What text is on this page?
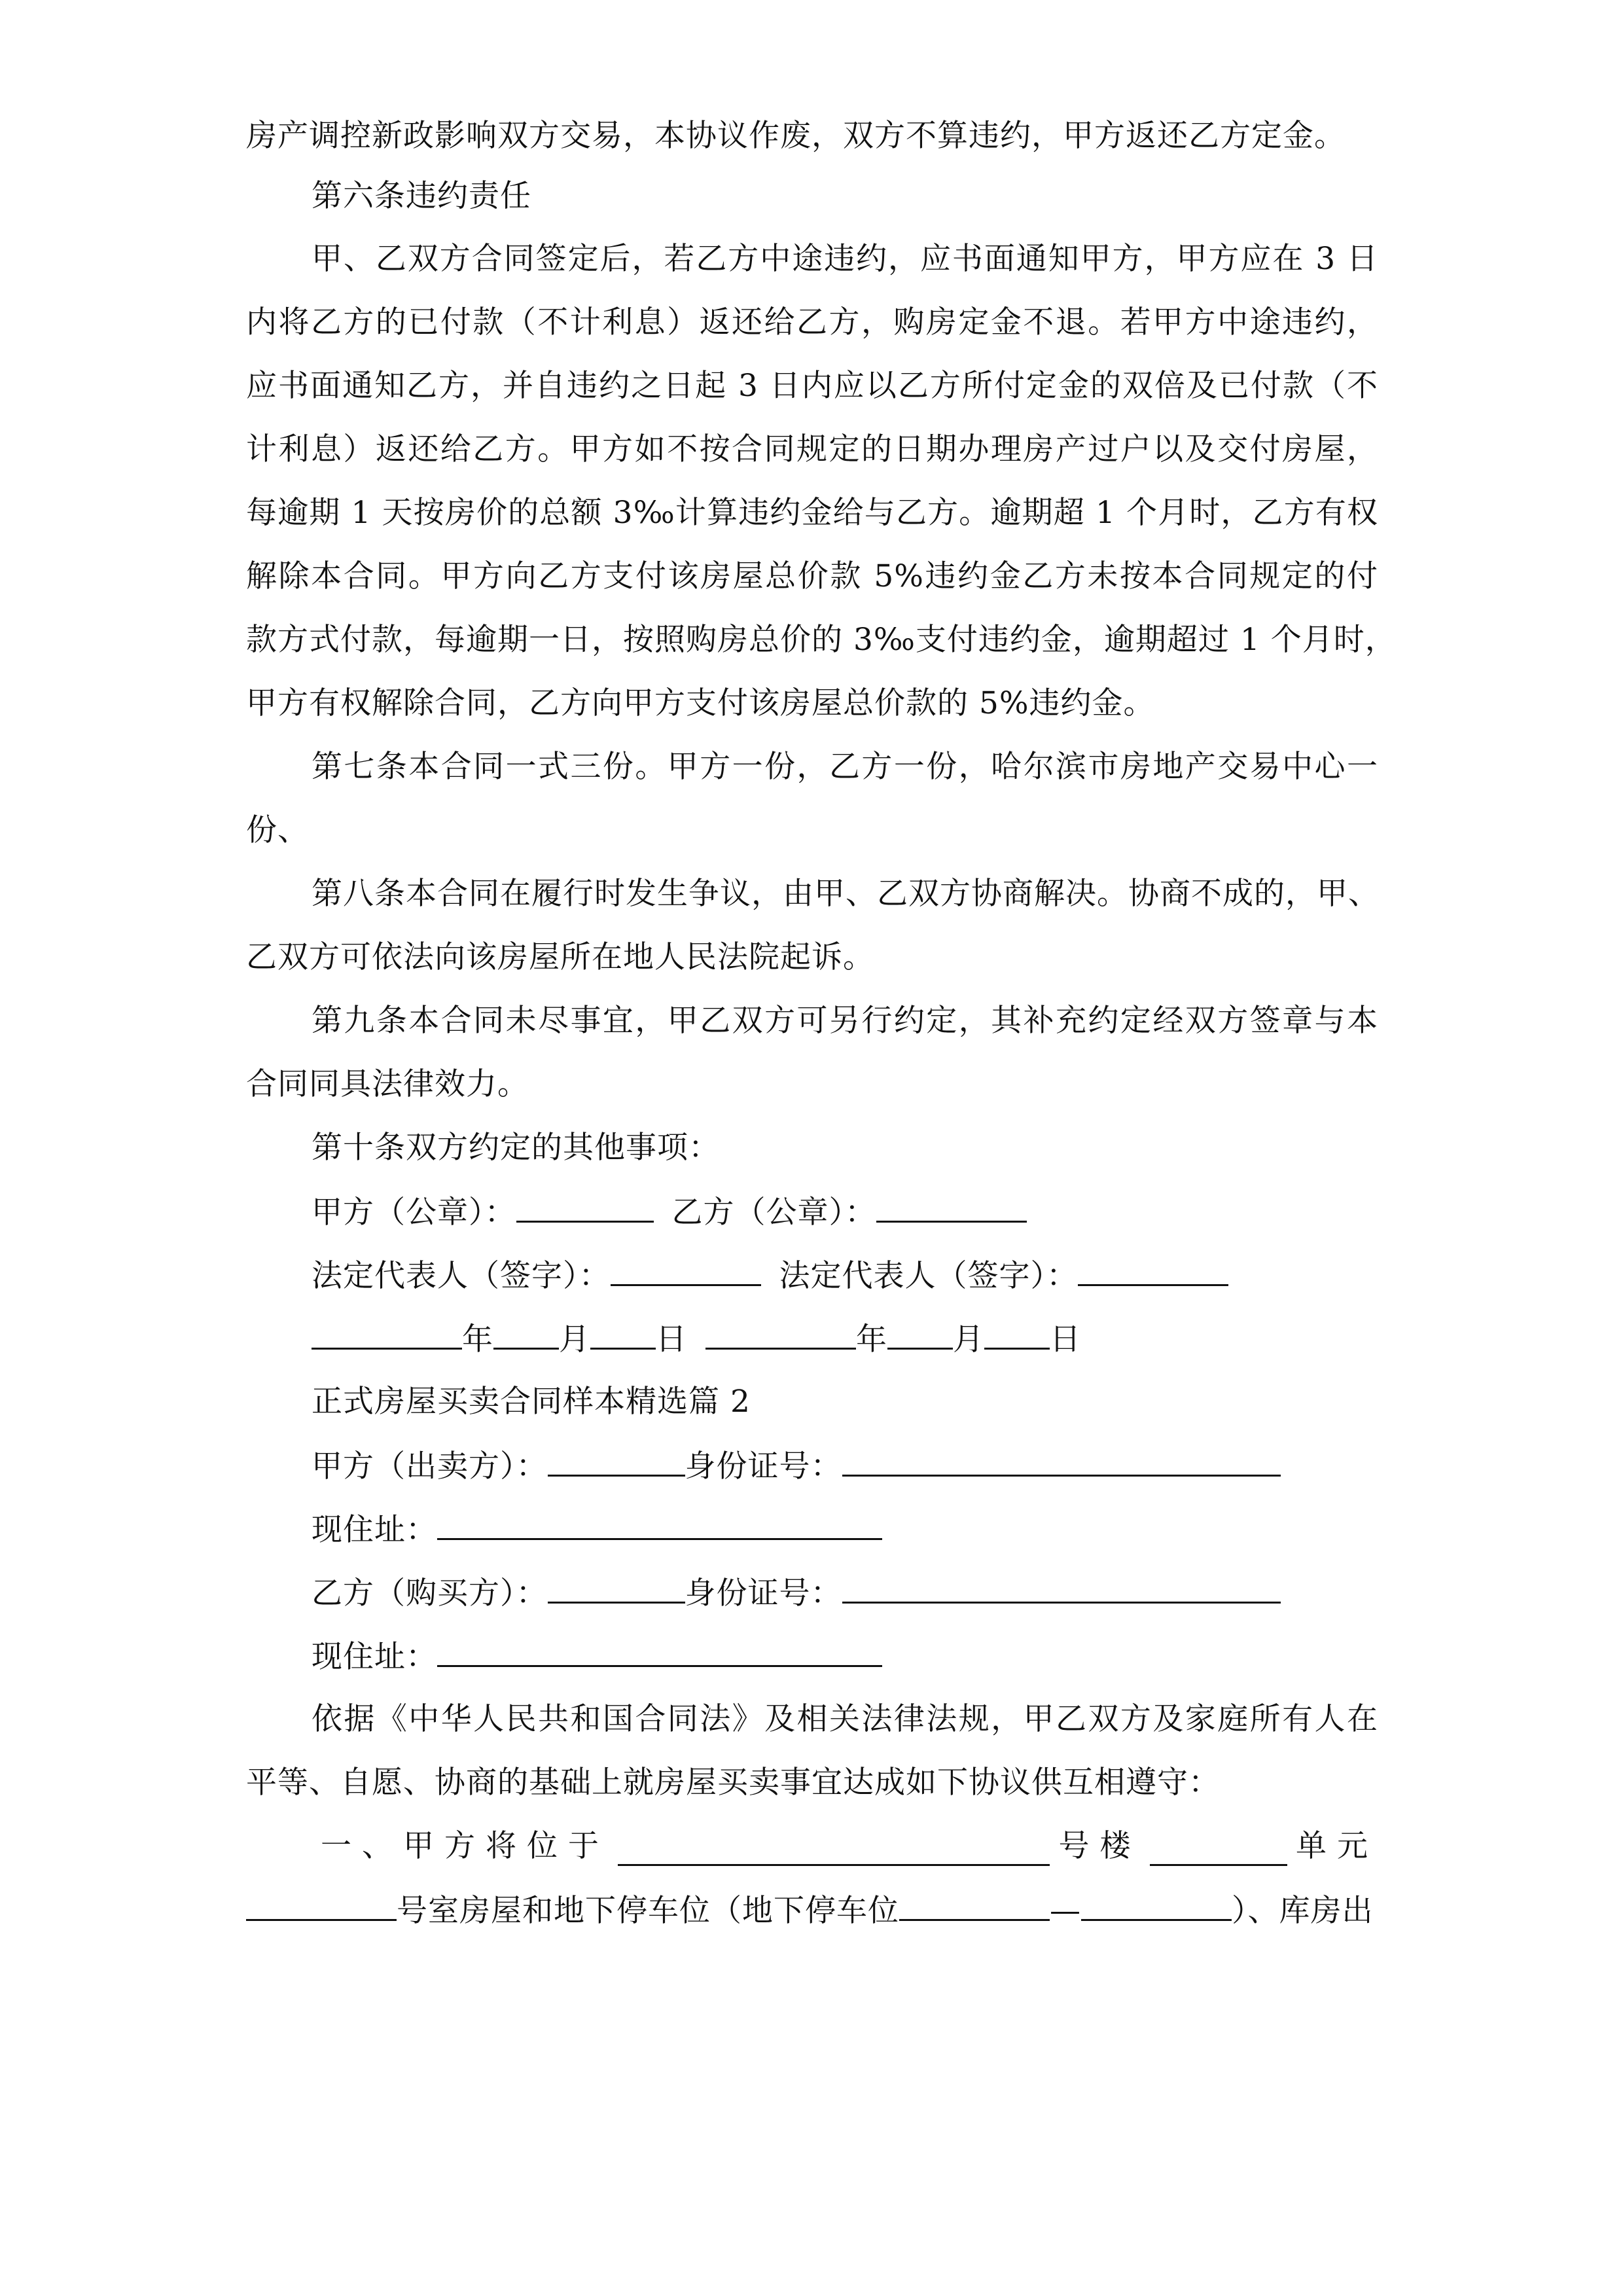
房产调控新政影响双方交易，本协议作废，双方不算违约，甲方返还乙方定金。
第六条违约责任
甲、乙双方合同签定后，若乙方中途违约，应书面通知甲方，甲方应在 3 日
内将乙方的已付款（不计利息）返还给乙方，购房定金不退。若甲方中途违约，
应书面通知乙方，并自违约之日起 3 日内应以乙方所付定金的双倍及已付款（不
计利息）返还给乙方。甲方如不按合同规定的日期办理房产过户以及交付房屋，
每逾期 1 天按房价的总额 3‰计算违约金给与乙方。逾期超 1 个月时，乙方有权
解除本合同。甲方向乙方支付该房屋总价款 5%违约金乙方未按本合同规定的付
款方式付款，每逾期一日，按照购房总价的 3‰支付违约金，逾期超过 1 个月时，
甲方有权解除合同，乙方向甲方支付该房屋总价款的 5%违约金。
第七条本合同一式三份。甲方一份，乙方一份，哈尔滨市房地产交易中心一
份、
第八条本合同在履行时发生争议，由甲、乙双方协商解决。协商不成的，甲、
乙双方可依法向该房屋所在地人民法院起诉。
第九条本合同未尽事宜，甲乙双方可另行约定，其补充约定经双方签章与本
合同同具法律效力。
第十条双方约定的其他事项：
甲方（公章）：	乙方（公章）：
法定代表人（签字）：	法定代表人（签字）：
年 月 日	年 月 日
正式房屋买卖合同样本精选篇 2
甲方（出卖方）：	身份证号：
现住址：
乙方（购买方）：	身份证号：
现住址：
依据《中华人民共和国合同法》及相关法律法规，甲乙双方及家庭所有人在
平等、自愿、协商的基础上就房屋买卖事宜达成如下协议供互相遵守：
一、甲方将位于	号楼	单元
号室房屋和地下停车位（地下停车位	—	）、库房出
